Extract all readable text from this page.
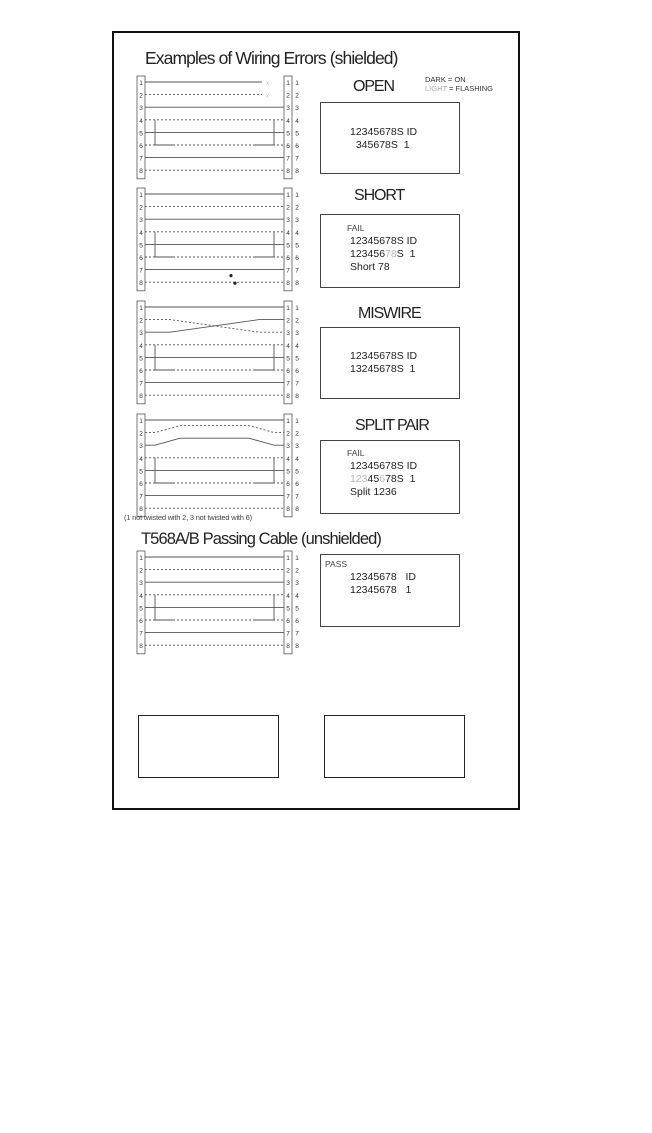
1	1 1
2	2 2
3	3 3
4	4 4
5	5 5
6	6 6
7	7 7
8	8 8
x
x
1	1 1
2	2 2
3	3 3
4	4 4
5	5 5
6	6 6
7	7 7
8	8 8
1	1 1
2	2 2
3	3 3
4	4 4
5	5 5
6	6 6
7	7 7
8	8 8
1	1 1
2	2 2
3	3 3
4	4 4
5	5 5
6	6 6
7	7 7
8	8 8
1	1 1
2	2 2
3	3 3
4	4 4
5	5 5
6	6 6
7	7 7
8	8 8
Examples of Wiring Errors (shielded)
DARK = ON
LIGHT = FLASHING
OPEN
12345678S ID
345678S  1
SHORT
FAIL
12345678S ID
12345678S  1
Short 78
MISWIRE
12345678S ID
13245678S  1
SPLIT PAIR
FAIL
12345678S ID
12345678S  1
Split 1236
(1 not twisted with 2, 3 not twisted with 6)
T568A/B Passing Cable (unshielded)
PASS
12345678   ID
12345678   1
